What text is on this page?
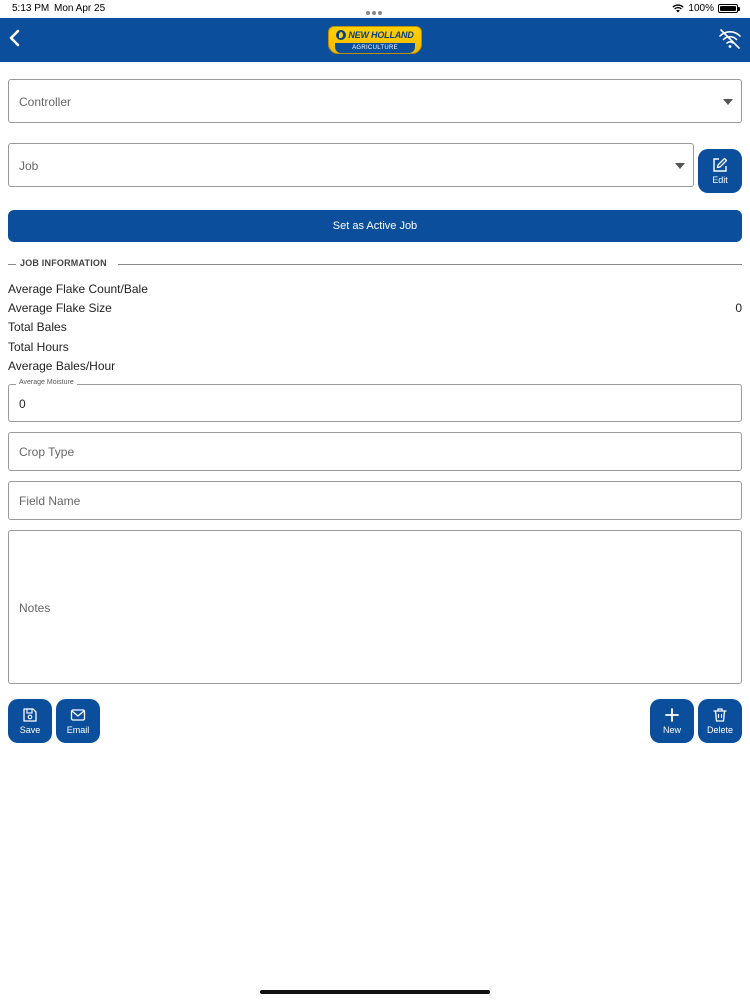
5:13 PM Mon Apr 25	100%
NEW HOLLAND
AGRICULTURE
Controller
Job
Edit
Set as Active Job
JOB INFORMATION
Average Flake Count/Bale
Average Flake Size	0
Total Bales
Total Hours
Average Bales/Hour
0
Average Moisture
Crop Type
Field Name
Notes
Save	Email	New	Delete
